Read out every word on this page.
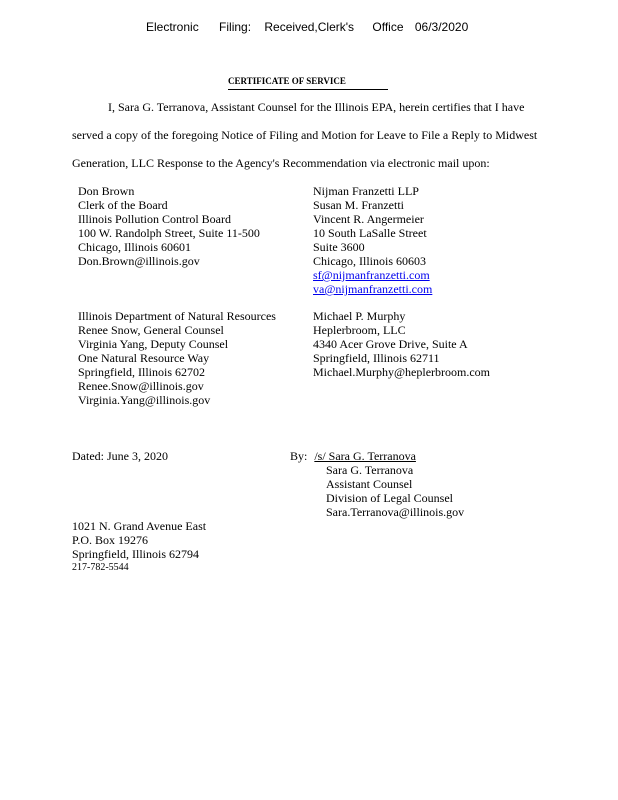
Electronic Filing: Received,Clerk's Office 06/3/2020
CERTIFICATE OF SERVICE
I, Sara G. Terranova, Assistant Counsel for the Illinois EPA, herein certifies that I have
served a copy of the foregoing Notice of Filing and Motion for Leave to File a Reply to Midwest
Generation, LLC Response to the Agency's Recommendation via electronic mail upon:
Don Brown
Clerk of the Board
Illinois Pollution Control Board
100 W. Randolph Street, Suite 11-500
Chicago, Illinois 60601
Don.Brown@illinois.gov
Nijman Franzetti LLP
Susan M. Franzetti
Vincent R. Angermeier
10 South LaSalle Street
Suite 3600
Chicago, Illinois 60603
sf@nijmanfranzetti.com
va@nijmanfranzetti.com
Illinois Department of Natural Resources
Renee Snow, General Counsel
Virginia Yang, Deputy Counsel
One Natural Resource Way
Springfield, Illinois 62702
Renee.Snow@illinois.gov
Virginia.Yang@illinois.gov
Michael P. Murphy
Heplerbroom, LLC
4340 Acer Grove Drive, Suite A
Springfield, Illinois 62711
Michael.Murphy@heplerbroom.com
Dated: June 3, 2020	By: /s/ Sara G. Terranova
Sara G. Terranova
Assistant Counsel
Division of Legal Counsel
Sara.Terranova@illinois.gov
1021 N. Grand Avenue East
P.O. Box 19276
Springfield, Illinois 62794
217-782-5544
